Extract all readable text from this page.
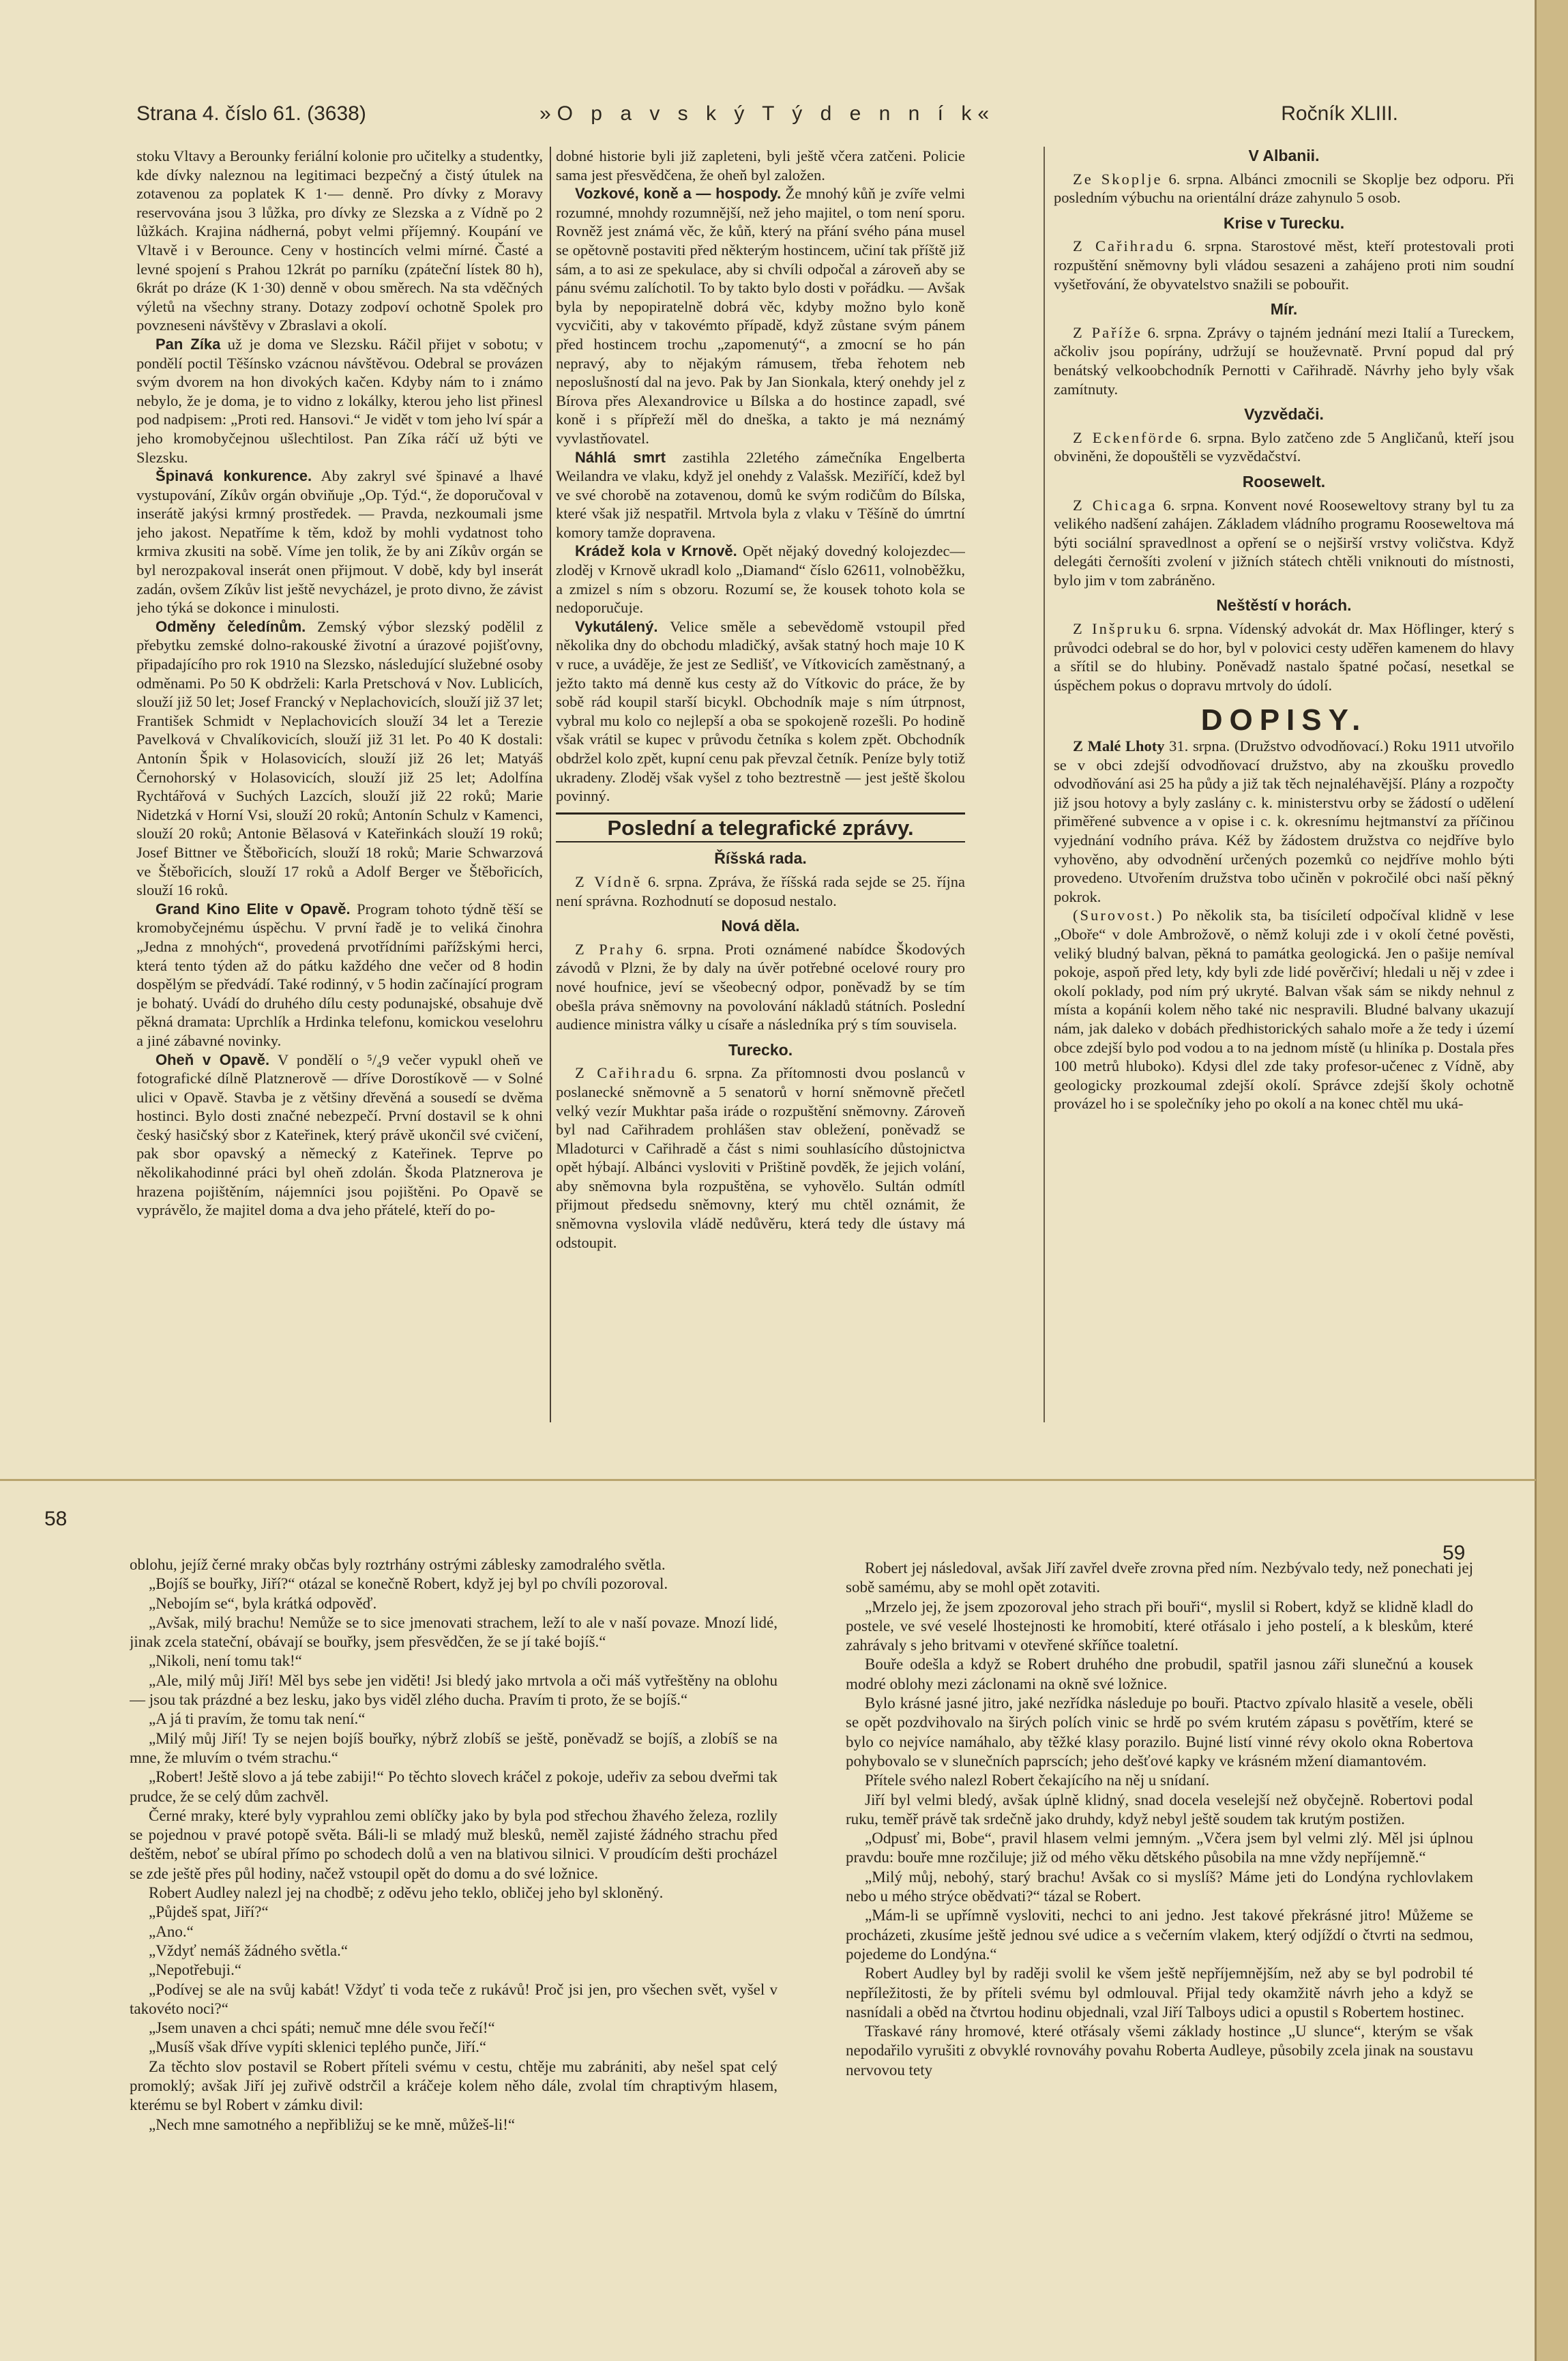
»O p a v s k ý T ý d e n n í k«
Strana 4. číslo 61. (3638)	Ročník XLIII.

stoku Vltavy a Berounky feriální kolonie pro učitelky a studentky, kde dívky naleznou na legitimaci bezpečný a čistý útulek na zotavenou za poplatek K 1·— denně. Pro dívky z Moravy reservována jsou 3 lůžka, pro dívky ze Slezska a z Vídně po 2 lůžkách. Krajina nádherná, pobyt velmi příjemný. Koupání ve Vltavě i v Berounce. Ceny v hostincích velmi mírné. Časté a levné spojení s Prahou 12krát po parníku (zpáteční lístek 80 h), 6krát po dráze (K 1·30) denně v obou směrech. Na sta vděčných výletů na všechny strany. Dotazy zodpoví ochotně Spolek pro povzneseni návštěvy v Zbraslavi a okolí.

Pan Zíka už je doma ve Slezsku. Ráčil přijet v sobotu; v pondělí poctil Těšínsko vzácnou návštěvou. Odebral se provázen svým dvorem na hon divokých kačen. Kdyby nám to i známo nebylo, že je doma, je to vidno z lokálky, kterou jeho list přinesl pod nadpisem: „Proti red. Hansovi.“ Je vidět v tom jeho lví spár a jeho kromobyčejnou ušlechtilost. Pan Zíka ráčí už býti ve Slezsku.

Špinavá konkurence. Aby zakryl své špinavé a lhavé vystupování, Zíkův orgán obviňuje „Op. Týd.“, že doporučoval v inserátě jakýsi krmný prostředek. — Pravda, nezkoumali jsme jeho jakost. Nepatříme k těm, kdož by mohli vydatnost toho krmiva zkusiti na sobě. Víme jen tolik, že by ani Zíkův orgán se byl nerozpakoval inserát onen přijmout. V době, kdy byl inserát zadán, ovšem Zíkův list ještě nevycházel, je proto divno, že závist jeho týká se dokonce i minulosti.

Odměny čeledínům. Zemský výbor slezský podělil z přebytku zemské dolno-rakouské životní a úrazové pojišťovny, připadajícího pro rok 1910 na Slezsko, následující služebné osoby odměnami. Po 50 K obdrželi: Karla Pretschová v Nov. Lublicích, slouží již 50 let; Josef Francký v Neplachovicích, slouží již 37 let; František Schmidt v Neplachovicích slouží 34 let a Terezie Pavelková v Chvalíkovicích, slouží již 31 let. Po 40 K dostali: Antonín Špik v Holasovicích, slouží již 26 let; Matyáš Černohorský v Holasovicích, slouží již 25 let; Adolfína Rychtářová v Suchých Lazcích, slouží již 22 roků; Marie Nidetzká v Horní Vsi, slouží 20 roků; Antonín Schulz v Kamenci, slouží 20 roků; Antonie Bělasová v Kateřinkách slouží 19 roků; Josef Bittner ve Štěbořicích, slouží 18 roků; Marie Schwarzová ve Štěbořicích, slouží 17 roků a Adolf Berger ve Štěbořicích, slouží 16 roků.

Grand Kino Elite v Opavě. Program tohoto týdně těší se kromobyčejnému úspěchu. V první řadě je to veliká činohra „Jedna z mnohých“, provedená prvotřídními pařížskými herci, která tento týden až do pátku každého dne večer od 8 hodin dospělým se předvádí. Také rodinný, v 5 hodin začínající program je bohatý. Uvádí do druhého dílu cesty podunajské, obsahuje dvě pěkná dramata: Uprchlík a Hrdinka telefonu, komickou veselohru a jiné zábavné novinky.

Oheň v Opavě. V pondělí o ⁵/₄9 večer vypukl oheň ve fotografické dílně Platznerově — dříve Dorostíkově — v Solné ulici v Opavě. Stavba je z většiny dřevěná a sousedí se dvěma hostinci. Bylo dosti značné nebezpečí. První dostavil se k ohni český hasičský sbor z Kateřinek, který právě ukončil své cvičení, pak sbor opavský a německý z Kateřinek. Teprve po několikahodinné práci byl oheň zdolán. Škoda Platznerova je hrazena pojištěním, nájemníci jsou pojištěni. Po Opavě se vyprávělo, že majitel doma a dva jeho přátelé, kteří do po-

dobné historie byli již zapleteni, byli ještě včera zatčeni. Policie sama jest přesvědčena, že oheň byl založen.

Vozkové, koně a — hospody. Že mnohý kůň je zvíře velmi rozumné, mnohdy rozumnější, než jeho majitel, o tom není sporu. Rovněž jest známá věc, že kůň, který na přání svého pána musel se opětovně postaviti před některým hostincem, učiní tak příště již sám, a to asi ze spekulace, aby si chvíli odpočal a zároveň aby se pánu svému zalíchotil. To by takto bylo dosti v pořádku. — Avšak byla by nepopiratelně dobrá věc, kdyby možno bylo koně vycvičiti, aby v takovémto případě, když zůstane svým pánem před hostincem trochu „zapomenutý“, a zmocní se ho pán nepravý, aby to nějakým rámusem, třeba řehotem neb neposlušností dal na jevo. Pak by Jan Sionkala, který onehdy jel z Bírova přes Alexandrovice u Bílska a do hostince zapadl, své koně i s přípřeží měl do dneška, a takto je má neznámý vyvlastňovatel.

Náhlá smrt zastihla 22letého zámečníka Engelberta Weilandra ve vlaku, když jel onehdy z Valašsk. Meziříčí, kdež byl ve své chorobě na zotavenou, domů ke svým rodičům do Bílska, které však již nespatřil. Mrtvola byla z vlaku v Těšíně do úmrtní komory tamže dopravena.

Krádež kola v Krnově. Opět nějaký dovedný kolojezdec—zloděj v Krnově ukradl kolo „Diamand“ číslo 62611, volnoběžku, a zmizel s ním s obzoru. Rozumí se, že kousek tohoto kola se nedoporučuje.

Vykutálený. Velice směle a sebevědomě vstoupil před několika dny do obchodu mladičký, avšak statný hoch maje 10 K v ruce, a uváděje, že jest ze Sedlišť, ve Vítkovicích zaměstnaný, a ježto takto má denně kus cesty až do Vítkovic do práce, že by sobě rád koupil starší bicykl. Obchodník maje s ním útrpnost, vybral mu kolo co nejlepší a oba se spokojeně rozešli. Po hodině však vrátil se kupec v průvodu četníka s kolem zpět. Obchodník obdržel kolo zpět, kupní cenu pak převzal četník. Peníze byly totiž ukradeny. Zloděj však vyšel z toho beztrestně — jest ještě školou povinný.

Poslední a telegrafické zprávy.
Říšská rada.

Z Vídně 6. srpna. Zpráva, že říšská rada sejde se 25. října není správna. Rozhodnutí se doposud nestalo.

Nová děla.

Z Prahy 6. srpna. Proti oznámené nabídce Škodových závodů v Plzni, že by daly na úvěr potřebné ocelové roury pro nové houfnice, jeví se všeobecný odpor, poněvadž by se tím obešla práva sněmovny na povolování nákladů státních. Poslední audience ministra války u císaře a následníka prý s tím souvisela.

Turecko.

Z Cařihradu 6. srpna. Za přítomnosti dvou poslanců v poslanecké sněmovně a 5 senatorů v horní sněmovně přečetl velký vezír Mukhtar paša iráde o rozpuštění sněmovny. Zároveň byl nad Cařihradem prohlášen stav obležení, poněvadž se Mladoturci v Cařihradě a část s nimi souhlasícího důstojnictva opět hýbají. Albánci vysloviti v Prištině povděk, že jejich volání, aby sněmovna byla rozpuštěna, se vyhovělo. Sultán odmítl přijmout předsedu sněmovny, který mu chtěl oznámit, že sněmovna vyslovila vládě nedůvěru, která tedy dle ústavy má odstoupit.

V Albanii.

Ze Skoplje 6. srpna. Albánci zmocnili se Skoplje bez odporu. Při posledním výbuchu na orientální dráze zahynulo 5 osob.

Krise v Turecku.

Z Cařihradu 6. srpna. Starostové měst, kteří protestovali proti rozpuštění sněmovny byli vládou sesazeni a zahájeno proti nim soudní vyšetřování, že obyvatelstvo snažili se pobouřit.

Mír.

Z Paříže 6. srpna. Zprávy o tajném jednání mezi Italií a Tureckem, ačkoliv jsou popírány, udržují se houževnatě. První popud dal prý benátský velkoobchodník Pernotti v Cařihradě. Návrhy jeho byly však zamítnuty.

Vyzvědači.

Z Eckenförde 6. srpna. Bylo zatčeno zde 5 Angličanů, kteří jsou obviněni, že dopouštěli se vyzvědačství.

Roosewelt.

Z Chicaga 6. srpna. Konvent nové Rooseweltovy strany byl tu za velikého nadšení zahájen. Základem vládního programu Rooseweltova má býti sociální spravedlnost a opření se o nejširší vrstvy voličstva. Když delegáti černošíti zvolení v jižních státech chtěli vniknouti do místnosti, bylo jim v tom zabráněno.

Neštěstí v horách.

Z Inšpruku 6. srpna. Vídenský advokát dr. Max Höflinger, který s průvodci odebral se do hor, byl v polovici cesty uděřen kamenem do hlavy a sřítil se do hlubiny. Poněvadž nastalo špatné počasí, nesetkal se úspěchem pokus o dopravu mrtvoly do údolí.

DOPISY.

Z Malé Lhoty 31. srpna. (Družstvo odvodňovací.) Roku 1911 utvořilo se v obci zdejší odvodňovací družstvo, aby na zkoušku provedlo odvodňování asi 25 ha půdy a již tak těch nejnaléhavější. Plány a rozpočty již jsou hotovy a byly zaslány c. k. ministerstvu orby se žádostí o udělení přiměřené subvence a v opise i c. k. okresnímu hejtmanství za příčinou vyjednání vodního práva. Kéž by žádostem družstva co nejdříve bylo vyhověno, aby odvodnění určených pozemků co nejdříve mohlo býti provedeno. Utvořením družstva tobo učiněn v pokročilé obci naší pěkný pokrok.

(Surovost.) Po několik sta, ba tisíciletí odpočíval klidně v lese „Oboře“ v dole Ambrožově, o němž koluji zde i v okolí četné pověsti, veliký bludný balvan, pěkná to památka geologická. Jen o pašije nemíval pokoje, aspoň před lety, kdy byli zde lidé pověrčiví; hledali u něj v zdee i okolí poklady, pod ním prý ukryté. Balvan však sám se nikdy nehnul z místa a kopáníi kolem něho také nic nespravili. Bludné balvany ukazují nám, jak daleko v dobách předhistorických sahalo moře a že tedy i území obce zdejší bylo pod vodou a to na jednom místě (u hliníka p. Dostala přes 100 metrů hluboko). Kdysi dlel zde taky profesor-učenec z Vídně, aby geologicky prozkoumal zdejší okolí. Správce zdejší školy ochotně provázel ho i se společníky jeho po okolí a na konec chtěl mu uká-

58
59

oblohu, jejíž černé mraky občas byly roztrhány ostrými záblesky zamodralého světla.

„Bojíš se bouřky, Jiří?“ otázal se konečně Robert, když jej byl po chvíli pozoroval.

„Nebojím se“, byla krátká odpověď.

„Avšak, milý brachu! Nemůže se to sice jmenovati strachem, leží to ale v naší povaze. Mnozí lidé, jinak zcela stateční, obávají se bouřky, jsem přesvědčen, že se jí také bojíš.“

„Nikoli, není tomu tak!“

„Ale, milý můj Jiří! Měl bys sebe jen viděti! Jsi bledý jako mrtvola a oči máš vytřeštěny na oblohu — jsou tak prázdné a bez lesku, jako bys viděl zlého ducha. Pravím ti proto, že se bojíš.“

„A já ti pravím, že tomu tak není.“

„Milý můj Jiří! Ty se nejen bojíš bouřky, nýbrž zlobíš se ještě, poněvadž se bojíš, a zlobíš se na mne, že mluvím o tvém strachu.“

„Robert! Ještě slovo a já tebe zabiji!“ Po těchto slovech kráčel z pokoje, udeřiv za sebou dveřmi tak prudce, že se celý dům zachvěl.

Černé mraky, které byly vyprahlou zemi oblíčky jako by byla pod střechou žhavého železa, rozlily se pojednou v pravé potopě světa. Báli-li se mladý muž blesků, neměl zajisté žádného strachu před deštěm, neboť se ubíral přímo po schodech dolů a ven na blativou silnici. V proudícím dešti procházel se zde ještě přes půl hodiny, načež vstoupil opět do domu a do své ložnice.

Robert Audley nalezl jej na chodbě; z oděvu jeho teklo, obličej jeho byl skloněný.

„Půjdeš spat, Jiří?“

„Ano.“

„Vždyť nemáš žádného světla.“

„Nepotřebuji.“

„Podívej se ale na svůj kabát! Vždyť ti voda teče z rukávů! Proč jsi jen, pro všechen svět, vyšel v takovéto noci?“

„Jsem unaven a chci spáti; nemuč mne déle svou řečí!“

„Musíš však dříve vypíti sklenici teplého punče, Jiří.“

Za těchto slov postavil se Robert příteli svému v cestu, chtěje mu zabrániti, aby nešel spat celý promoklý; avšak Jiří jej zuřivě odstrčil a kráčeje kolem něho dále, zvolal tím chraptivým hlasem, kterému se byl Robert v zámku divil:

„Nech mne samotného a nepřibližuj se ke mně, můžeš-li!“

Robert jej následoval, avšak Jiří zavřel dveře zrovna před ním. Nezbývalo tedy, než ponechati jej sobě samému, aby se mohl opět zotaviti.

„Mrzelo jej, že jsem zpozoroval jeho strach při bouři“, myslil si Robert, když se klidně kladl do postele, ve své veselé lhostejnosti ke hromobití, které otřásalo i jeho postelí, a k bleskům, které zahrávaly s jeho britvami v otevřené skříňce toaletní.

Bouře odešla a když se Robert druhého dne probudil, spatřil jasnou záři slunečnú a kousek modré oblohy mezi záclonami na okně své ložnice.

Bylo krásné jasné jitro, jaké nezřídka následuje po bouři. Ptactvo zpívalo hlasitě a vesele, oběli se opět pozdvihovalo na širých polích vinic se hrdě po svém krutém zápasu s povětřím, které se bylo co nejvíce namáhalo, aby těžké klasy porazilo. Bujné listí vinné révy okolo okna Robertova pohybovalo se v slunečních paprscích; jeho dešťové kapky ve krásném mžení diamantovém.

Přítele svého nalezl Robert čekajícího na něj u snídaní.

Jiří byl velmi bledý, avšak úplně klidný, snad docela veselejší než obyčejně. Robertovi podal ruku, teměř právě tak srdečně jako druhdy, když nebyl ještě soudem tak krutým postižen.

„Odpusť mi, Bobe“, pravil hlasem velmi jemným. „Včera jsem byl velmi zlý. Měl jsi úplnou pravdu: bouře mne rozčiluje; již od mého věku dětského působila na mne vždy nepříjemně.“

„Milý můj, nebohý, starý brachu! Avšak co si myslíš? Máme jeti do Londýna rychlovlakem nebo u mého strýce obědvati?“ tázal se Robert.

„Mám-li se upřímně vysloviti, nechci to ani jedno. Jest takové překrásné jitro! Můžeme se procházeti, zkusíme ještě jednou své udice a s večerním vlakem, který odjíždí o čtvrti na sedmou, pojedeme do Londýna.“

Robert Audley byl by raději svolil ke všem ještě nepříjemnějším, než aby se byl podrobil té nepříležitosti, že by příteli svému byl odmlouval. Přijal tedy okamžitě návrh jeho a když se nasnídali a oběd na čtvrtou hodinu objednali, vzal Jiří Talboys udici a opustil s Robertem hostinec.

Třaskavé rány hromové, které otřásaly všemi základy hostince „U slunce“, kterým se však nepodařilo vyrušiti z obvyklé rovnováhy povahu Roberta Audleye, působily zcela jinak na soustavu nervovou tety
